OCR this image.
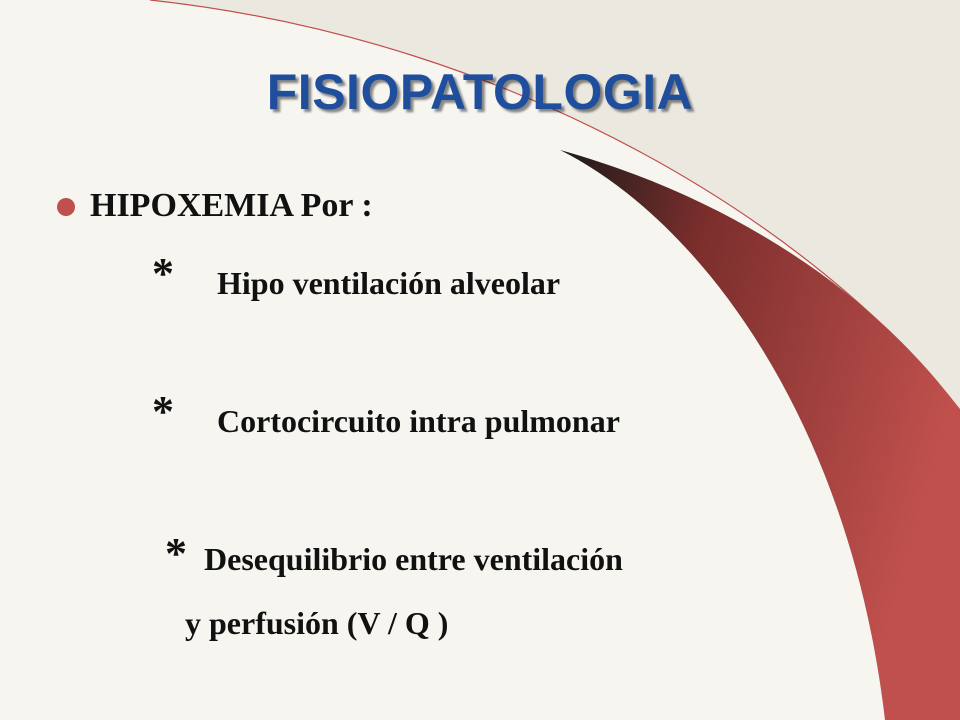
FISIOPATOLOGIA
HIPOXEMIA Por :
* Hipo ventilación alveolar
* Cortocircuito intra pulmonar
* Desequilibrio entre ventilación
y perfusión (V / Q )
